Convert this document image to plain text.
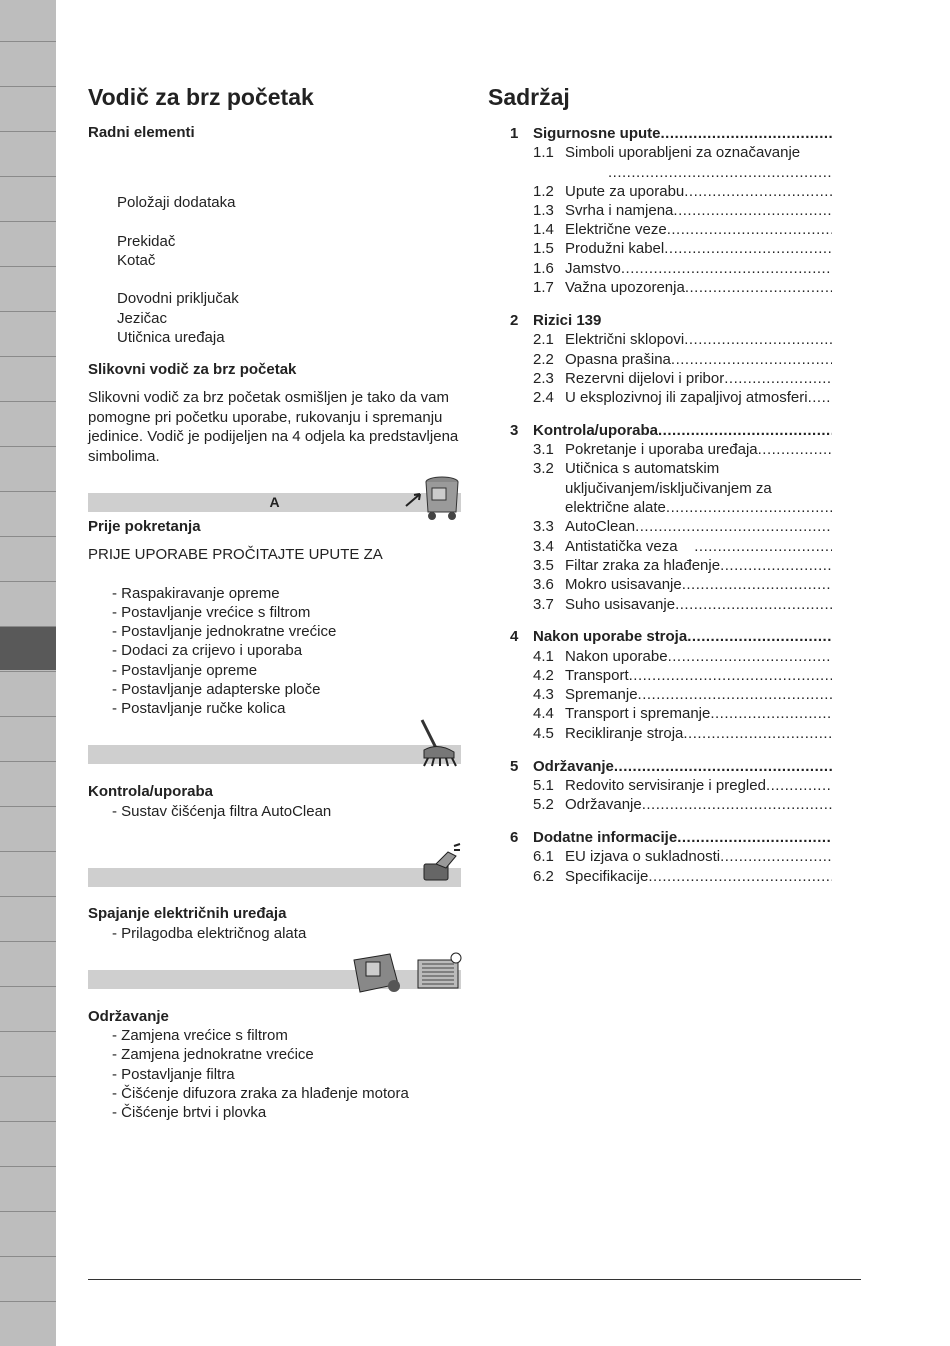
Vodič za brz početak

Radni elementi

Položaji dodataka

Prekidač

Kotač

Dovodni priključak

Jezičac

Utičnica uređaja

Slikovni vodič za brz početak

Slikovni vodič za brz početak osmišljen je tako da vam pomogne pri početku uporabe, rukovanju i spremanju jedinice. Vodič je podijeljen na 4 odjela ka predstavljena simbolima.

A

Prije pokretanja

PRIJE UPORABE PROČITAJTE UPUTE ZA

- Raspakiravanje opreme

- Postavljanje vrećice s filtrom

- Postavljanje jednokratne vrećice

- Dodaci za crijevo i uporaba

- Postavljanje opreme

- Postavljanje adapterske ploče

- Postavljanje ručke kolica

Kontrola/uporaba

- Sustav čišćenja filtra AutoClean

Spajanje električnih uređaja

- Prilagodba električnog alata

Održavanje

- Zamjena vrećice s filtrom

- Zamjena jednokratne vrećice

- Postavljanje filtra

- Čišćenje difuzora zraka za hlađenje motora

- Čišćenje brtvi i plovka

Sadržaj
1 Sigurnosne upute
.....
1.1 Simboli uporabljeni za označavanje
.....
1.2 Upute za uporabu
.....
1.3 Svrha i namjena
.....
1.4 Električne veze
.....
1.5 Produžni kabel
.....
1.6 Jamstvo
.....
1.7 Važna upozorenja
.....
2 Rizici 139
2.1 Električni sklopovi
.....
2.2 Opasna prašina
.....
2.3 Rezervni dijelovi i pribor
.....
2.4 U eksplozivnoj ili zapaljivoj atmosferi
.....
3 Kontrola/uporaba
.....
3.1 Pokretanje i uporaba uređaja
.....
3.2 Utičnica s automatskim
uključivanjem/isključivanjem za
električne alate
.....
3.3 AutoClean
.....
3.4 Antistatička veza
.....
3.5 Filtar zraka za hlađenje
.....
3.6 Mokro usisavanje
.....
3.7 Suho usisavanje
.....
4 Nakon uporabe stroja
.....
4.1 Nakon uporabe
.....
4.2 Transport
.....
4.3 Spremanje
.....
4.4 Transport i spremanje
.....
4.5 Recikliranje stroja
.....
5 Održavanje
.....
5.1 Redovito servisiranje i pregled
.....
5.2 Održavanje
.....
6 Dodatne informacije
.....
6.1 EU izjava o sukladnosti
.....
6.2 Specifikacije
.....
